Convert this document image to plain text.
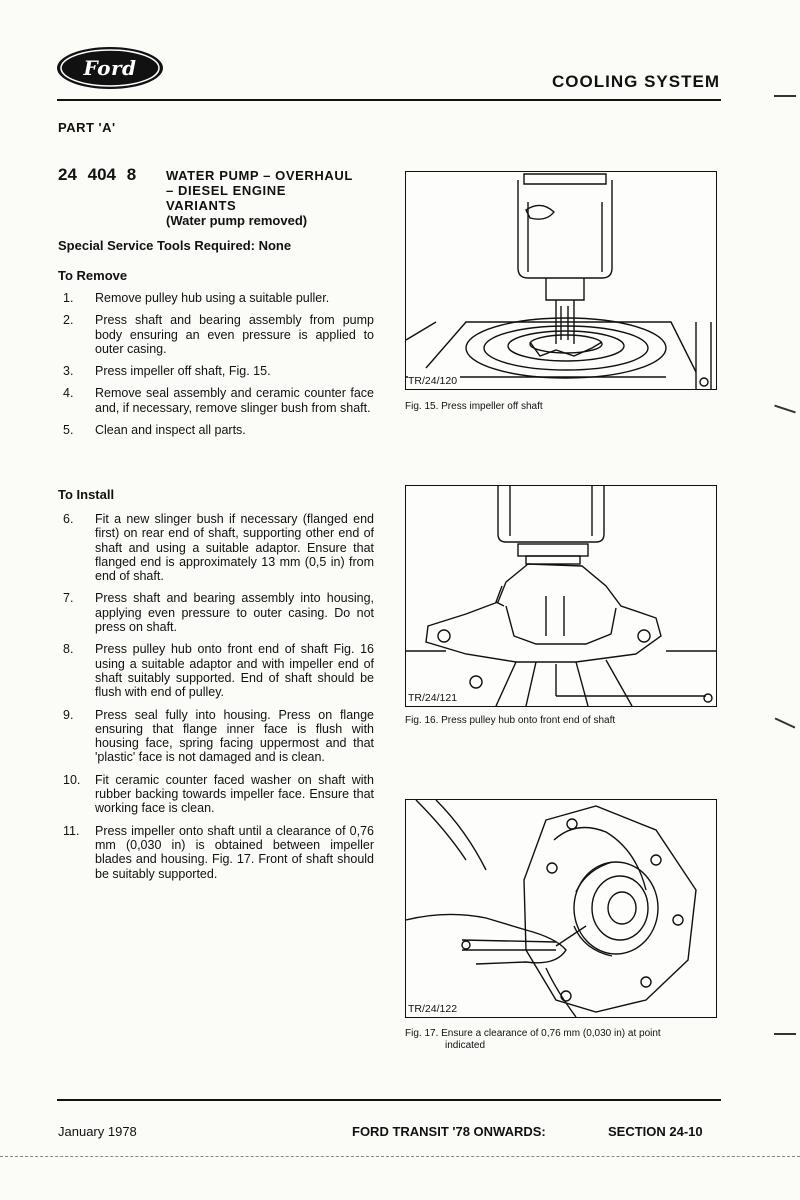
Ford
COOLING SYSTEM
PART 'A'
24 404 8 WATER PUMP – OVERHAUL
– DIESEL ENGINE
VARIANTS
(Water pump removed)
Special Service Tools Required: None
To Remove
1.	Remove pulley hub using a suitable puller.
2.	Press shaft and bearing assembly from pump body ensuring an even pressure is applied to outer casing.
3.	Press impeller off shaft, Fig. 15.
4.	Remove seal assembly and ceramic counter face and, if necessary, remove slinger bush from shaft.
5.	Clean and inspect all parts.
To Install
6.	Fit a new slinger bush if necessary (flanged end first) on rear end of shaft, supporting other end of shaft and using a suitable adaptor. Ensure that flanged end is approximately 13 mm (0,5 in) from end of shaft.
7.	Press shaft and bearing assembly into housing, applying even pressure to outer casing. Do not press on shaft.
8.	Press pulley hub onto front end of shaft Fig. 16 using a suitable adaptor and with impeller end of shaft suitably supported. End of shaft should be flush with end of pulley.
9.	Press seal fully into housing. Press on flange ensuring that flange inner face is flush with housing face, spring facing uppermost and that 'plastic' face is not damaged and is clean.
10.	Fit ceramic counter faced washer on shaft with rubber backing towards impeller face. Ensure that working face is clean.
11.	Press impeller onto shaft until a clearance of 0,76 mm (0,030 in) is obtained between impeller blades and housing. Fig. 17. Front of shaft should be suitably supported.
TR/24/120
Fig. 15. Press impeller off shaft
TR/24/121
Fig. 16. Press pulley hub onto front end of shaft
TR/24/122
Fig. 17. Ensure a clearance of 0,76 mm (0,030 in) at point
indicated
January 1978	FORD TRANSIT '78 ONWARDS:	SECTION 24-10
